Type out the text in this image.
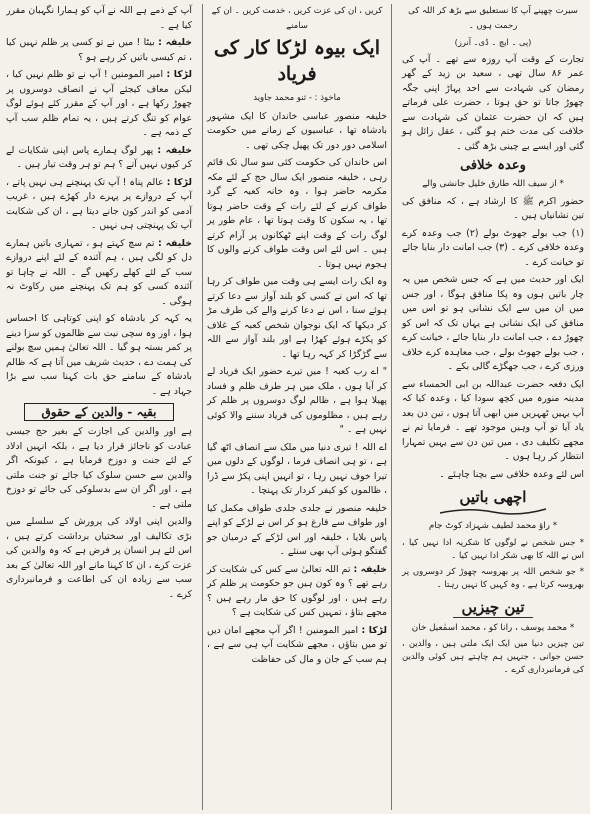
سیرت چھپنے آپ کا نستعلیق سے بڑھ کر اللہ کی رحمت ہوں ۔

(پی ۔ ایچ ۔ ڈی۔ آنرز)

تجارت کے وقت آپ روزہ سے تھے ۔ آپ کی عمر ۸۶ سال تھی ، سعید بن زید کے گھر رمضان کی شہادت سے احد پہاڑ اپنی جگہ چھوڑ جاتا تو حق ہوتا ، حضرت علی فرماتے ہیں کہ ان حضرت عثمان کی شہادت سے خلافت کی مدت ختم ہو گئی ، عقل زائل ہو گئی اور ایسے بے چینی بڑھ گئی ۔

وعدہ خلافی

* از سیف اللہ طارق خلیل جانشی والے

حضور اکرم ﷺ کا ارشاد ہے ، کہ منافق کی تین نشانیاں ہیں ۔

(۱) جب بولے جھوٹ بولے (۲) جب وعدہ کرے وعدہ خلافی کرے ۔ (۳) جب امانت دار بنایا جائے تو خیانت کرے ۔

ایک اور حدیث میں ہے کہ جس شخص میں یہ چار باتیں ہوں وہ پکا منافق ہوگا ، اور جس میں ان میں سے ایک نشانی ہو تو اس میں منافق کی ایک نشانی ہے یہاں تک کہ اس کو چھوڑ دے ، جب امانت دار بنایا جائے ، خیانت کرے ، جب بولے جھوٹ بولے ، جب معاہدہ کرے خلاف ورزی کرے ، جب جھگڑے گالی بکے ۔

ایک دفعہ حضرت عبداللہ بن ابی الحمساء سے مدینہ منورہ میں کچھ سودا کیا ، وعدہ کیا کہ آپ یہیں ٹھہریں میں ابھی آتا ہوں ، تین دن بعد یاد آیا تو آپ وہیں موجود تھے ۔ فرمایا تم نے مجھے تکلیف دی ، میں تین دن سے یہیں تمہارا انتظار کر رہا ہوں ۔

اس لئے وعدہ خلافی سے بچنا چاہئے ۔

اچھی باتیں

* راؤ محمد لطیف شہزاد کوٹ جام

* جس شخص نے لوگوں کا شکریہ ادا نہیں کیا ، اس نے اللہ کا بھی شکر ادا نہیں کیا ۔

* جو شخص اللہ پر بھروسہ چھوڑ کر دوسروں پر بھروسہ کرتا ہے ، وہ کہیں کا نہیں رہتا ۔

تین چیزیں

* محمد یوسف ، رانا کو ، محمد اسمٰعیل خان

تین چیزیں دنیا میں ایک ایک ملتی ہیں ، والدین ، حسن جوانی ، جنہیں ہم چاہتے ہیں کوئی والدین کی فرمانبرداری کرے ۔

کریں ، ان کی عزت کریں ، خدمت کریں ۔ ان کے سامنے

ایک بیوہ لڑکا کار کی فریاد

ماخوذ : - ثنو محمد جاوید

خلیفہ منصور عباسی خاندان کا ایک مشہور بادشاہ تھا ، عباسیوں کے زمانے میں حکومت اسلامی دور دور تک پھیل چکی تھی ۔

اس خاندان کی حکومت کئی سو سال تک قائم رہی ، خلیفہ منصور ایک سال حج کے لئے مکہ مکرمہ حاضر ہوا ، وہ خانہ کعبہ کے گرد طواف کرنے کے لئے رات کے وقت حاضر ہوتا تھا ، یہ سکون کا وقت ہوتا تھا ، عام طور پر لوگ رات کے وقت اپنے ٹھکانوں پر آرام کرتے ہیں ۔ اس لئے اس وقت طواف کرنے والوں کا ہجوم نہیں ہوتا ۔

وہ ایک رات ایسے ہی وقت میں طواف کر رہا تھا کہ اس نے کسی کو بلند آواز سے دعا کرتے ہوئے سنا ، اس نے دعا کرنے والے کی طرف مڑ کر دیکھا کہ ایک نوجوان شخص کعبہ کے غلاف کو پکڑے ہوئے کھڑا ہے اور بلند آواز سے اللہ سے گڑگڑا کر کہہ رہا تھا ۔

" اے رب کعبہ ! میں تیرے حضور ایک فریاد لے کر آیا ہوں ، ملک میں ہر طرف ظلم و فساد پھیلا ہوا ہے ، ظالم لوگ دوسروں پر ظلم کر رہے ہیں ، مظلوموں کی فریاد سننے والا کوئی نہیں ہے ۔ "

اے اللہ ! تیری دنیا میں ملک سے انصاف اٹھ گیا ہے ، تو ہی انصاف فرما ، لوگوں کے دلوں میں تیرا خوف نہیں رہا ، تو انہیں اپنی پکڑ سے ڈرا ، ظالموں کو کیفر کردار تک پہنچا ۔

خلیفہ منصور نے جلدی جلدی طواف مکمل کیا اور طواف سے فارغ ہو کر اس نے لڑکے کو اپنے پاس بلایا ، خلیفہ اور اس لڑکے کے درمیان جو گفتگو ہوئی آپ بھی سنئے ۔

خلیفہ : تم اللہ تعالیٰ سے کس کی شکایت کر رہے تھے ؟ وہ کون ہیں جو حکومت پر ظلم کر رہے ہیں ، اور لوگوں کا حق مار رہے ہیں ؟ مجھے بتاؤ ، تمہیں کس کی شکایت ہے ؟

لڑکا : امیر المومنین ! اگر آپ مجھے امان دیں تو میں بتاؤں ، مجھے شکایت آپ ہی سے ہے ، ہم سب کے جان و مال کی حفاظت

آپ کے ذمے ہے اللہ نے آپ کو ہمارا نگہبان مقرر کیا ہے ۔

خلیفہ : بیٹا ! میں نے تو کسی پر ظلم نہیں کیا ، تم کیسی باتیں کر رہے ہو ؟

لڑکا : امیر المومنین ! آپ نے تو ظلم نہیں کیا ، لیکن معاف کیجئے آپ نے انصاف دوسروں پر چھوڑ رکھا ہے ، اور آپ کے مقرر کئے ہوئے لوگ عوام کو تنگ کرتے ہیں ، یہ تمام ظلم سب آپ کے ذمہ ہے ۔

خلیفہ : پھر لوگ ہمارے پاس اپنی شکایات لے کر کیوں نہیں آتے ؟ ہم تو ہر وقت تیار ہیں ۔

لڑکا : عالم پناہ ! آپ تک پہنچنے ہی نہیں پاتے ، آپ کے دروازے پر پہرے دار کھڑے ہیں ، غریب آدمی کو اندر کون جانے دیتا ہے ، ان کی شکایت آپ تک پہنچتی ہی نہیں ۔

خلیفہ : تم سچ کہتے ہو ، تمہاری باتیں ہمارے دل کو لگی ہیں ، ہم آئندہ کے لئے اپنے دروازے سب کے لئے کھلے رکھیں گے ۔ اللہ نے چاہا تو آئندہ کسی کو ہم تک پہنچنے میں رکاوٹ نہ ہوگی ۔

یہ کہہ کر بادشاہ کو اپنی کوتاہی کا احساس ہوا ، اور وہ سچی نیت سے ظالموں کو سزا دینے پر کمر بستہ ہو گیا ۔ اللہ تعالیٰ ہمیں سچ بولنے کی ہمت دے ، حدیث شریف میں آتا ہے کہ ظالم بادشاہ کے سامنے حق بات کہنا سب سے بڑا جہاد ہے ۔

بقیہ - والدین کے حقوق

ہے اور والدین کی اجازت کے بغیر حج جیسی عبادت کو ناجائز قرار دیا ہے ، بلکہ انہیں ادلاد کے لئے جنت و دوزخ فرمایا ہے ، کیونکہ اگر والدین سے حسن سلوک کیا جائے تو جنت ملتی ہے ، اور اگر ان سے بدسلوکی کی جائے تو دوزخ ملتی ہے ۔

والدین اپنی اولاد کی پرورش کے سلسلے میں بڑی تکالیف اور سختیاں برداشت کرتے ہیں ، اس لئے ہر انسان پر فرض ہے کہ وہ والدین کی عزت کرے ، ان کا کہنا مانے اور اللہ تعالیٰ کے بعد سب سے زیادہ ان کی اطاعت و فرمانبرداری کرے ۔
